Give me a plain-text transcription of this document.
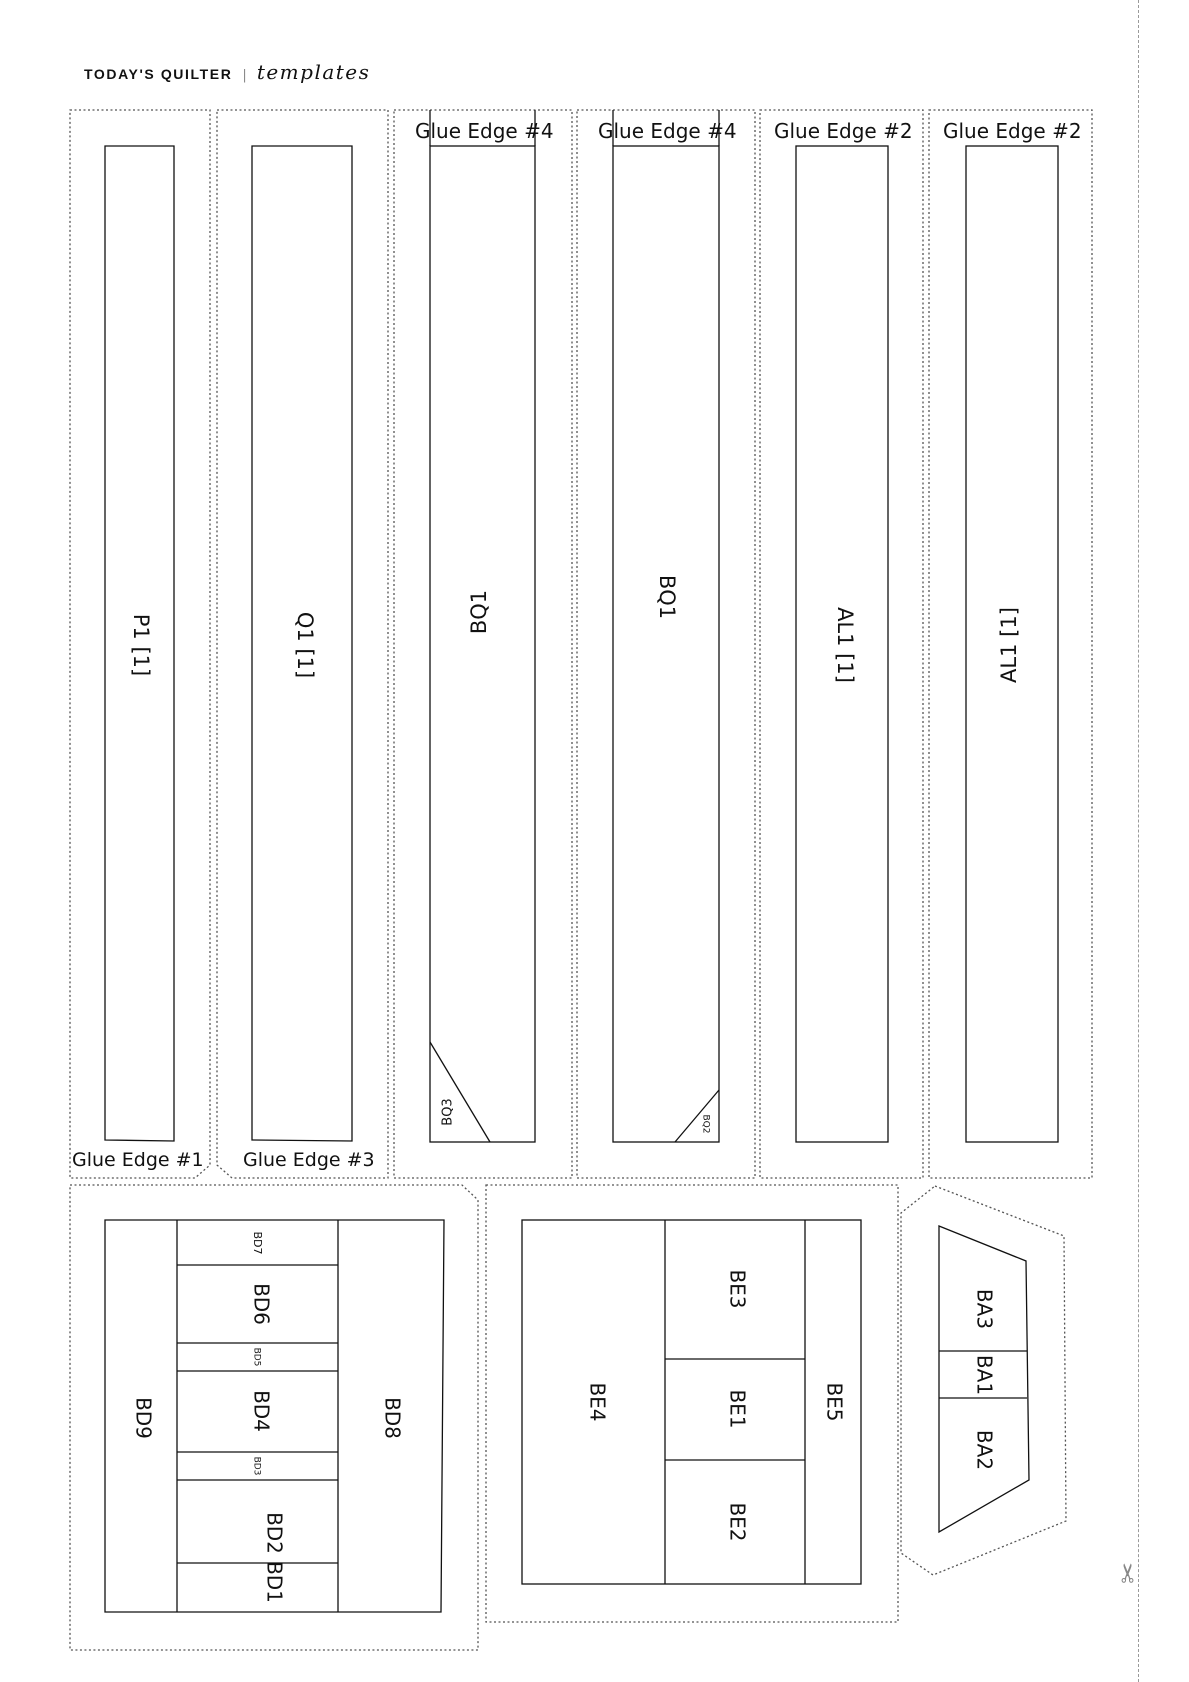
TODAY'S QUILTER | templates
Glue Edge #1 Glue Edge #3
Glue Edge #4 Glue Edge #4 Glue Edge #2 Glue Edge #2
P1 [1]	Q1 [1]	BQ1
BQ3
BQ1
BQ2
AL1 [1]	AL1 [1]
BD9
BD7
BD6
BD5
BD4
BD3
BD2
BD1
BD8	BE4
BE3
BE1
BE2
BE5
BA3
BA1
BA2
✂
